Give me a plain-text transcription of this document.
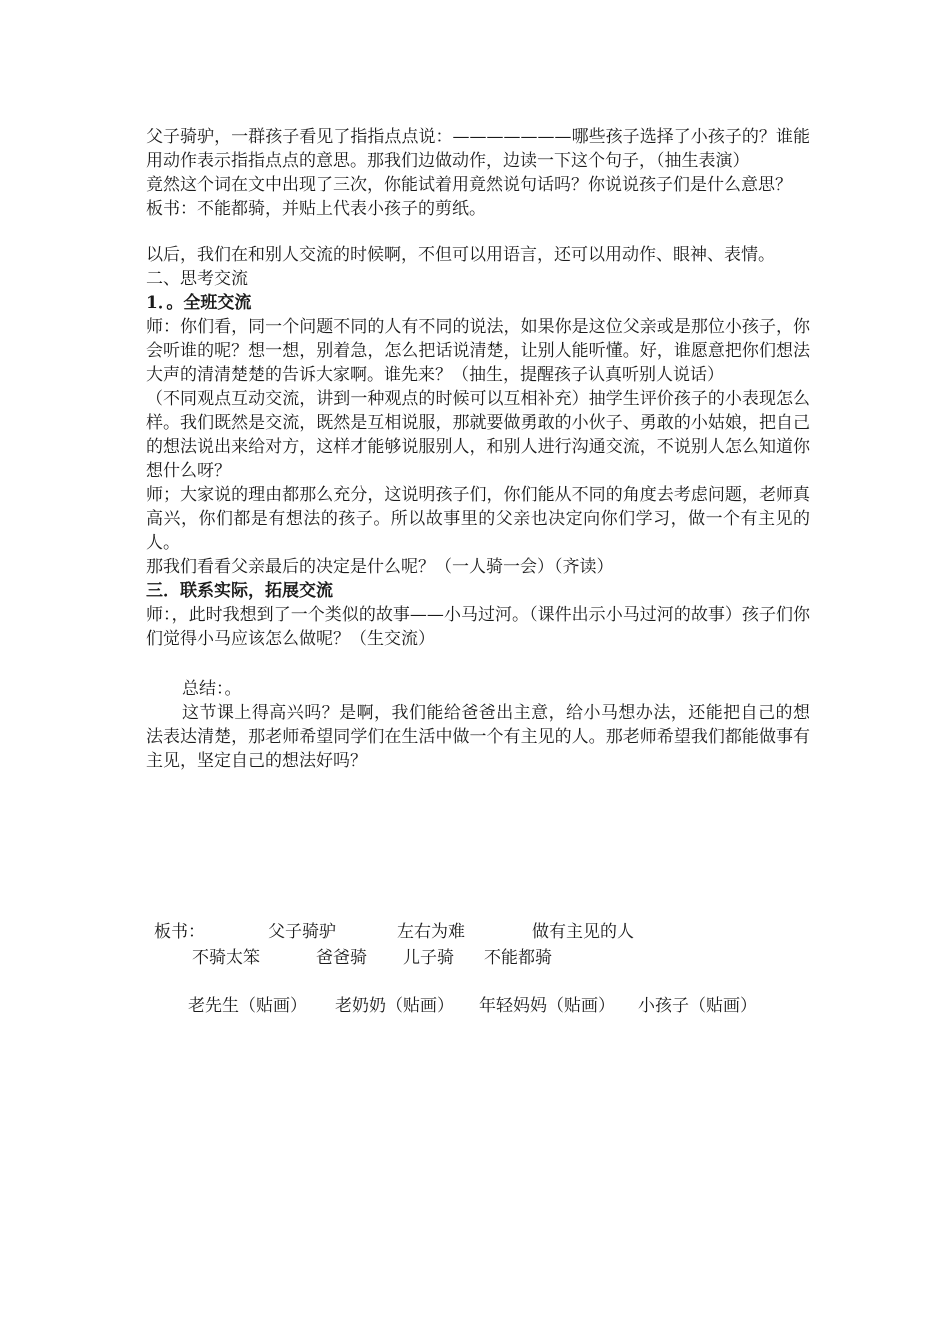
父子骑驴，一群孩子看见了指指点点说：———————哪些孩子选择了小孩子的？谁能用动作表示指指点点的意思。那我们边做动作，边读一下这个句子，（抽生表演）

竟然这个词在文中出现了三次，你能试着用竟然说句话吗？你说说孩子们是什么意思？

板书：不能都骑，并贴上代表小孩子的剪纸。

以后，我们在和别人交流的时候啊，不但可以用语言，还可以用动作、眼神、表情。

二、思考交流

1．。全班交流

师：你们看，同一个问题不同的人有不同的说法，如果你是这位父亲或是那位小孩子，你会听谁的呢？想一想，别着急，怎么把话说清楚，让别人能听懂。好，谁愿意把你们想法大声的清清楚楚的告诉大家啊。谁先来？（抽生，提醒孩子认真听别人说话）

（不同观点互动交流，讲到一种观点的时候可以互相补充）抽学生评价孩子的小表现怎么样。我们既然是交流，既然是互相说服，那就要做勇敢的小伙子、勇敢的小姑娘，把自己的想法说出来给对方，这样才能够说服别人，和别人进行沟通交流，不说别人怎么知道你想什么呀？

师；大家说的理由都那么充分，这说明孩子们，你们能从不同的角度去考虑问题，老师真高兴，你们都是有想法的孩子。所以故事里的父亲也决定向你们学习，做一个有主见的人。

那我们看看父亲最后的决定是什么呢？（一人骑一会）（齐读）

三．联系实际，拓展交流

师：，此时我想到了一个类似的故事——小马过河。（课件出示小马过河的故事）孩子们你们觉得小马应该怎么做呢？（生交流）

总结：。

这节课上得高兴吗？是啊，我们能给爸爸出主意，给小马想办法，还能把自己的想法表达清楚，那老师希望同学们在生活中做一个有主见的人。那老师希望我们都能做事有主见，坚定自己的想法好吗？

板书：	父子骑驴	左右为难	做有主见的人
不骑太笨	爸爸骑 儿子骑 不能都骑
老先生（贴画） 老奶奶（贴画） 年轻妈妈（贴画） 小孩子（贴画）
